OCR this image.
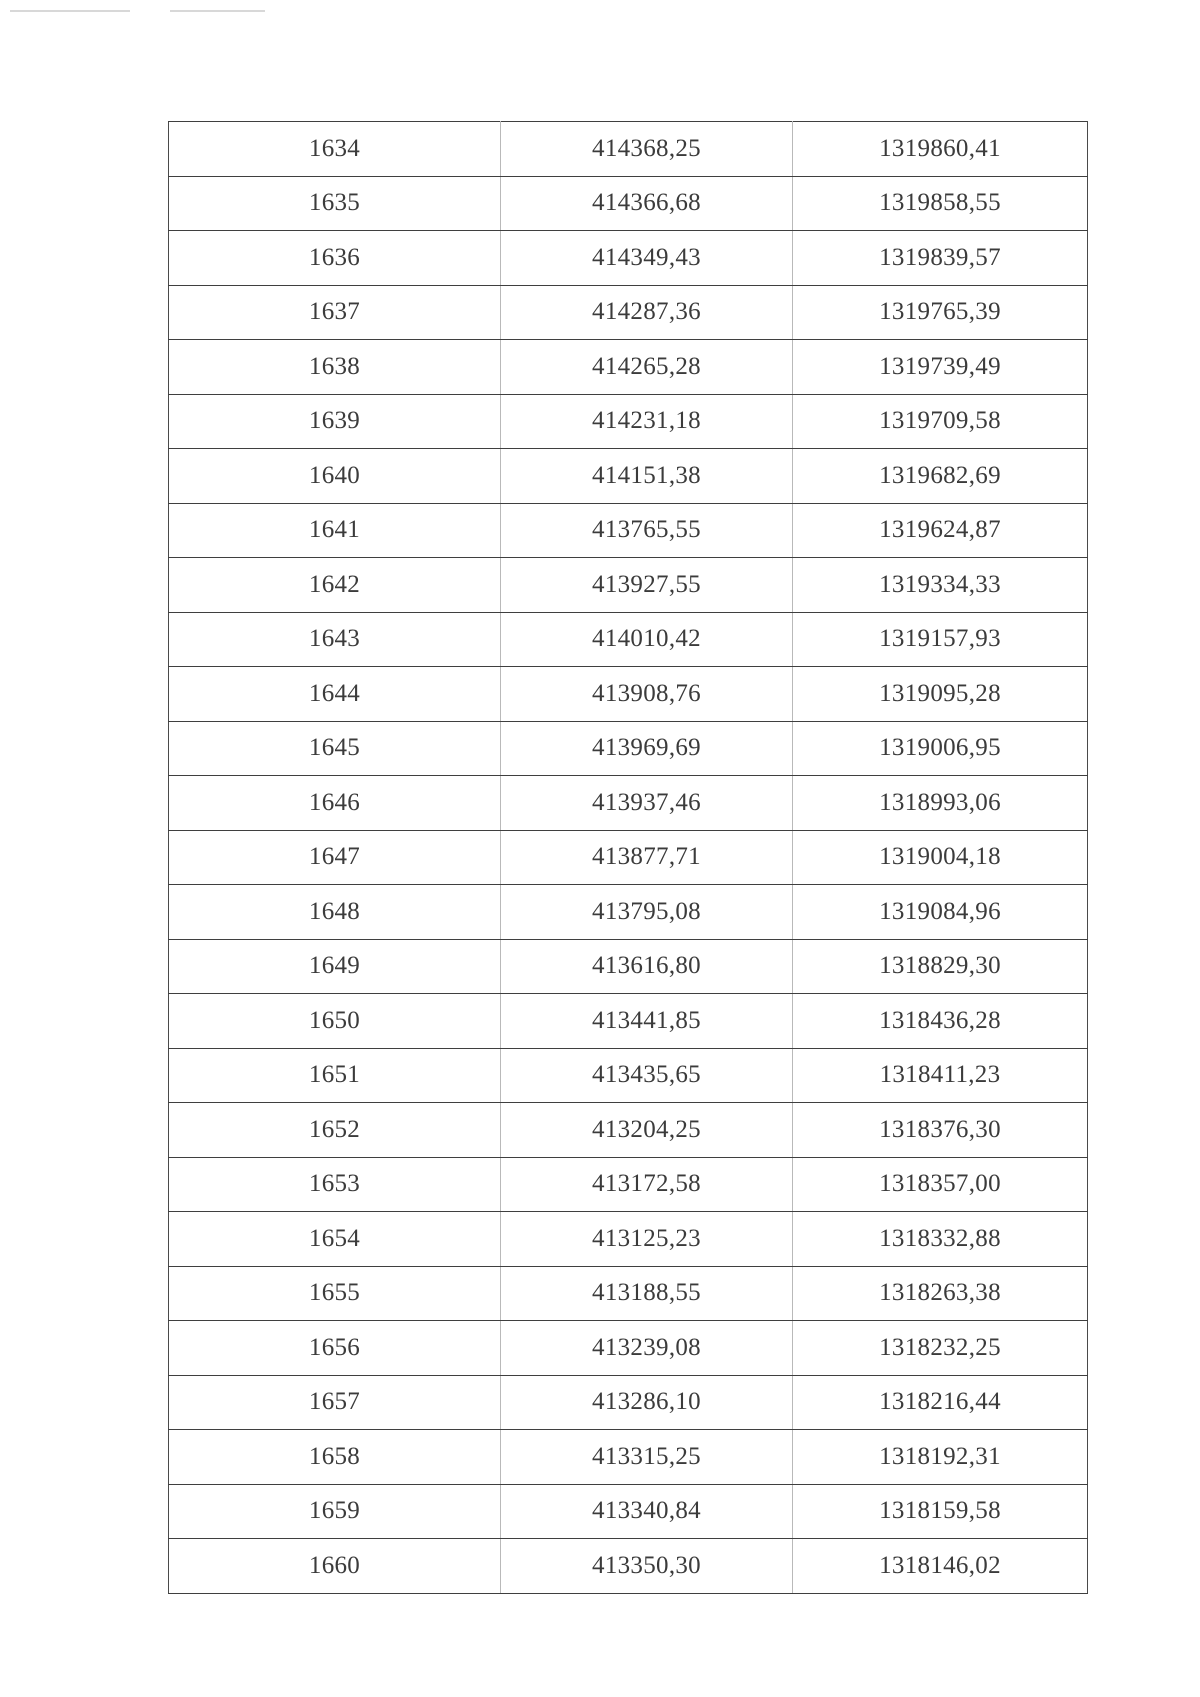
1634	414368,25	1319860,41
1635	414366,68	1319858,55
1636	414349,43	1319839,57
1637	414287,36	1319765,39
1638	414265,28	1319739,49
1639	414231,18	1319709,58
1640	414151,38	1319682,69
1641	413765,55	1319624,87
1642	413927,55	1319334,33
1643	414010,42	1319157,93
1644	413908,76	1319095,28
1645	413969,69	1319006,95
1646	413937,46	1318993,06
1647	413877,71	1319004,18
1648	413795,08	1319084,96
1649	413616,80	1318829,30
1650	413441,85	1318436,28
1651	413435,65	1318411,23
1652	413204,25	1318376,30
1653	413172,58	1318357,00
1654	413125,23	1318332,88
1655	413188,55	1318263,38
1656	413239,08	1318232,25
1657	413286,10	1318216,44
1658	413315,25	1318192,31
1659	413340,84	1318159,58
1660	413350,30	1318146,02
